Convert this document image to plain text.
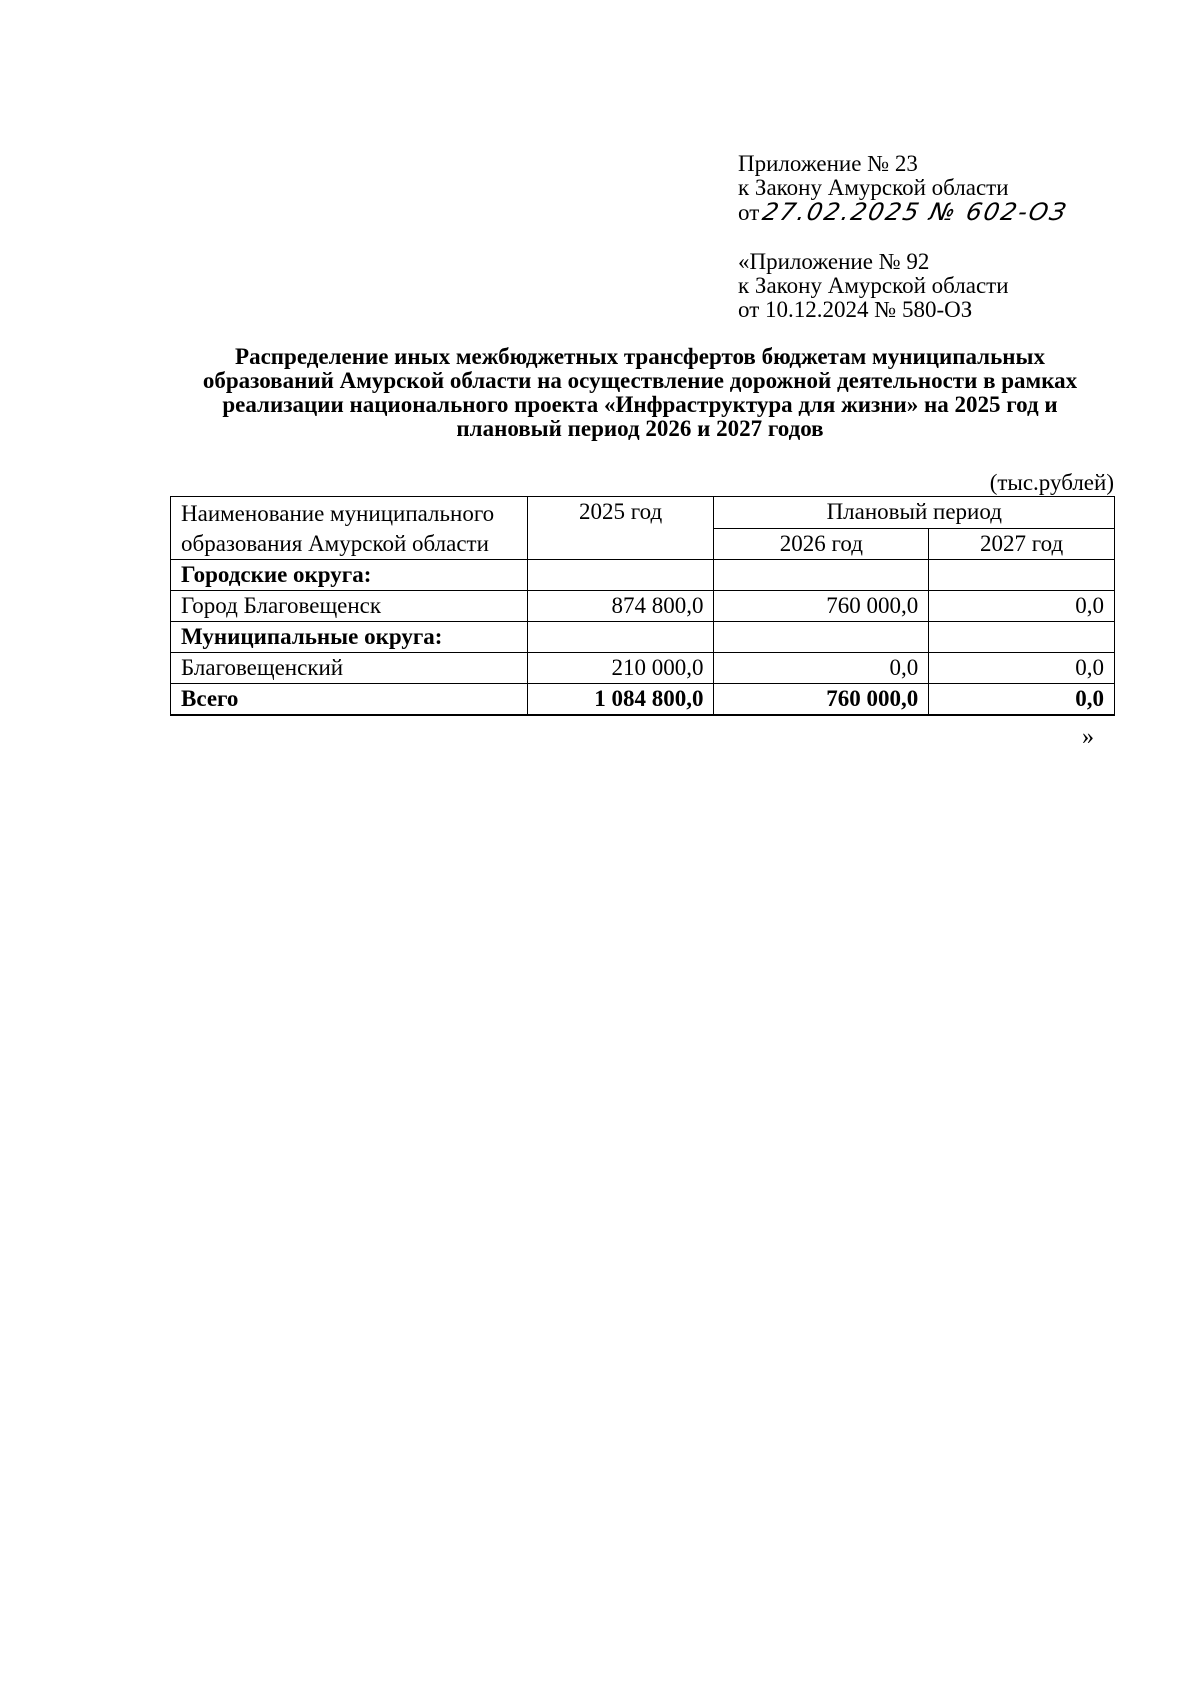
Приложение № 23
к Закону Амурской области
от27.02.2025 № 602-ОЗ
«Приложение № 92
к Закону Амурской области
от 10.12.2024 № 580-ОЗ
Распределение иных межбюджетных трансфертов бюджетам муниципальных
образований Амурской области на осуществление дорожной деятельности в рамках
реализации национального проекта «Инфраструктура для жизни» на 2025 год и
плановый период 2026 и 2027 годов
(тыс.рублей)
Наименование муниципального
образования Амурской области	2025 год	Плановый период	
		2026 год	2027 год
Городские округа:			
Город Благовещенск	874 800,0	760 000,0	0,0
Муниципальные округа:			
Благовещенский	210 000,0	0,0	0,0
Всего	1 084 800,0	760 000,0	0,0
»
